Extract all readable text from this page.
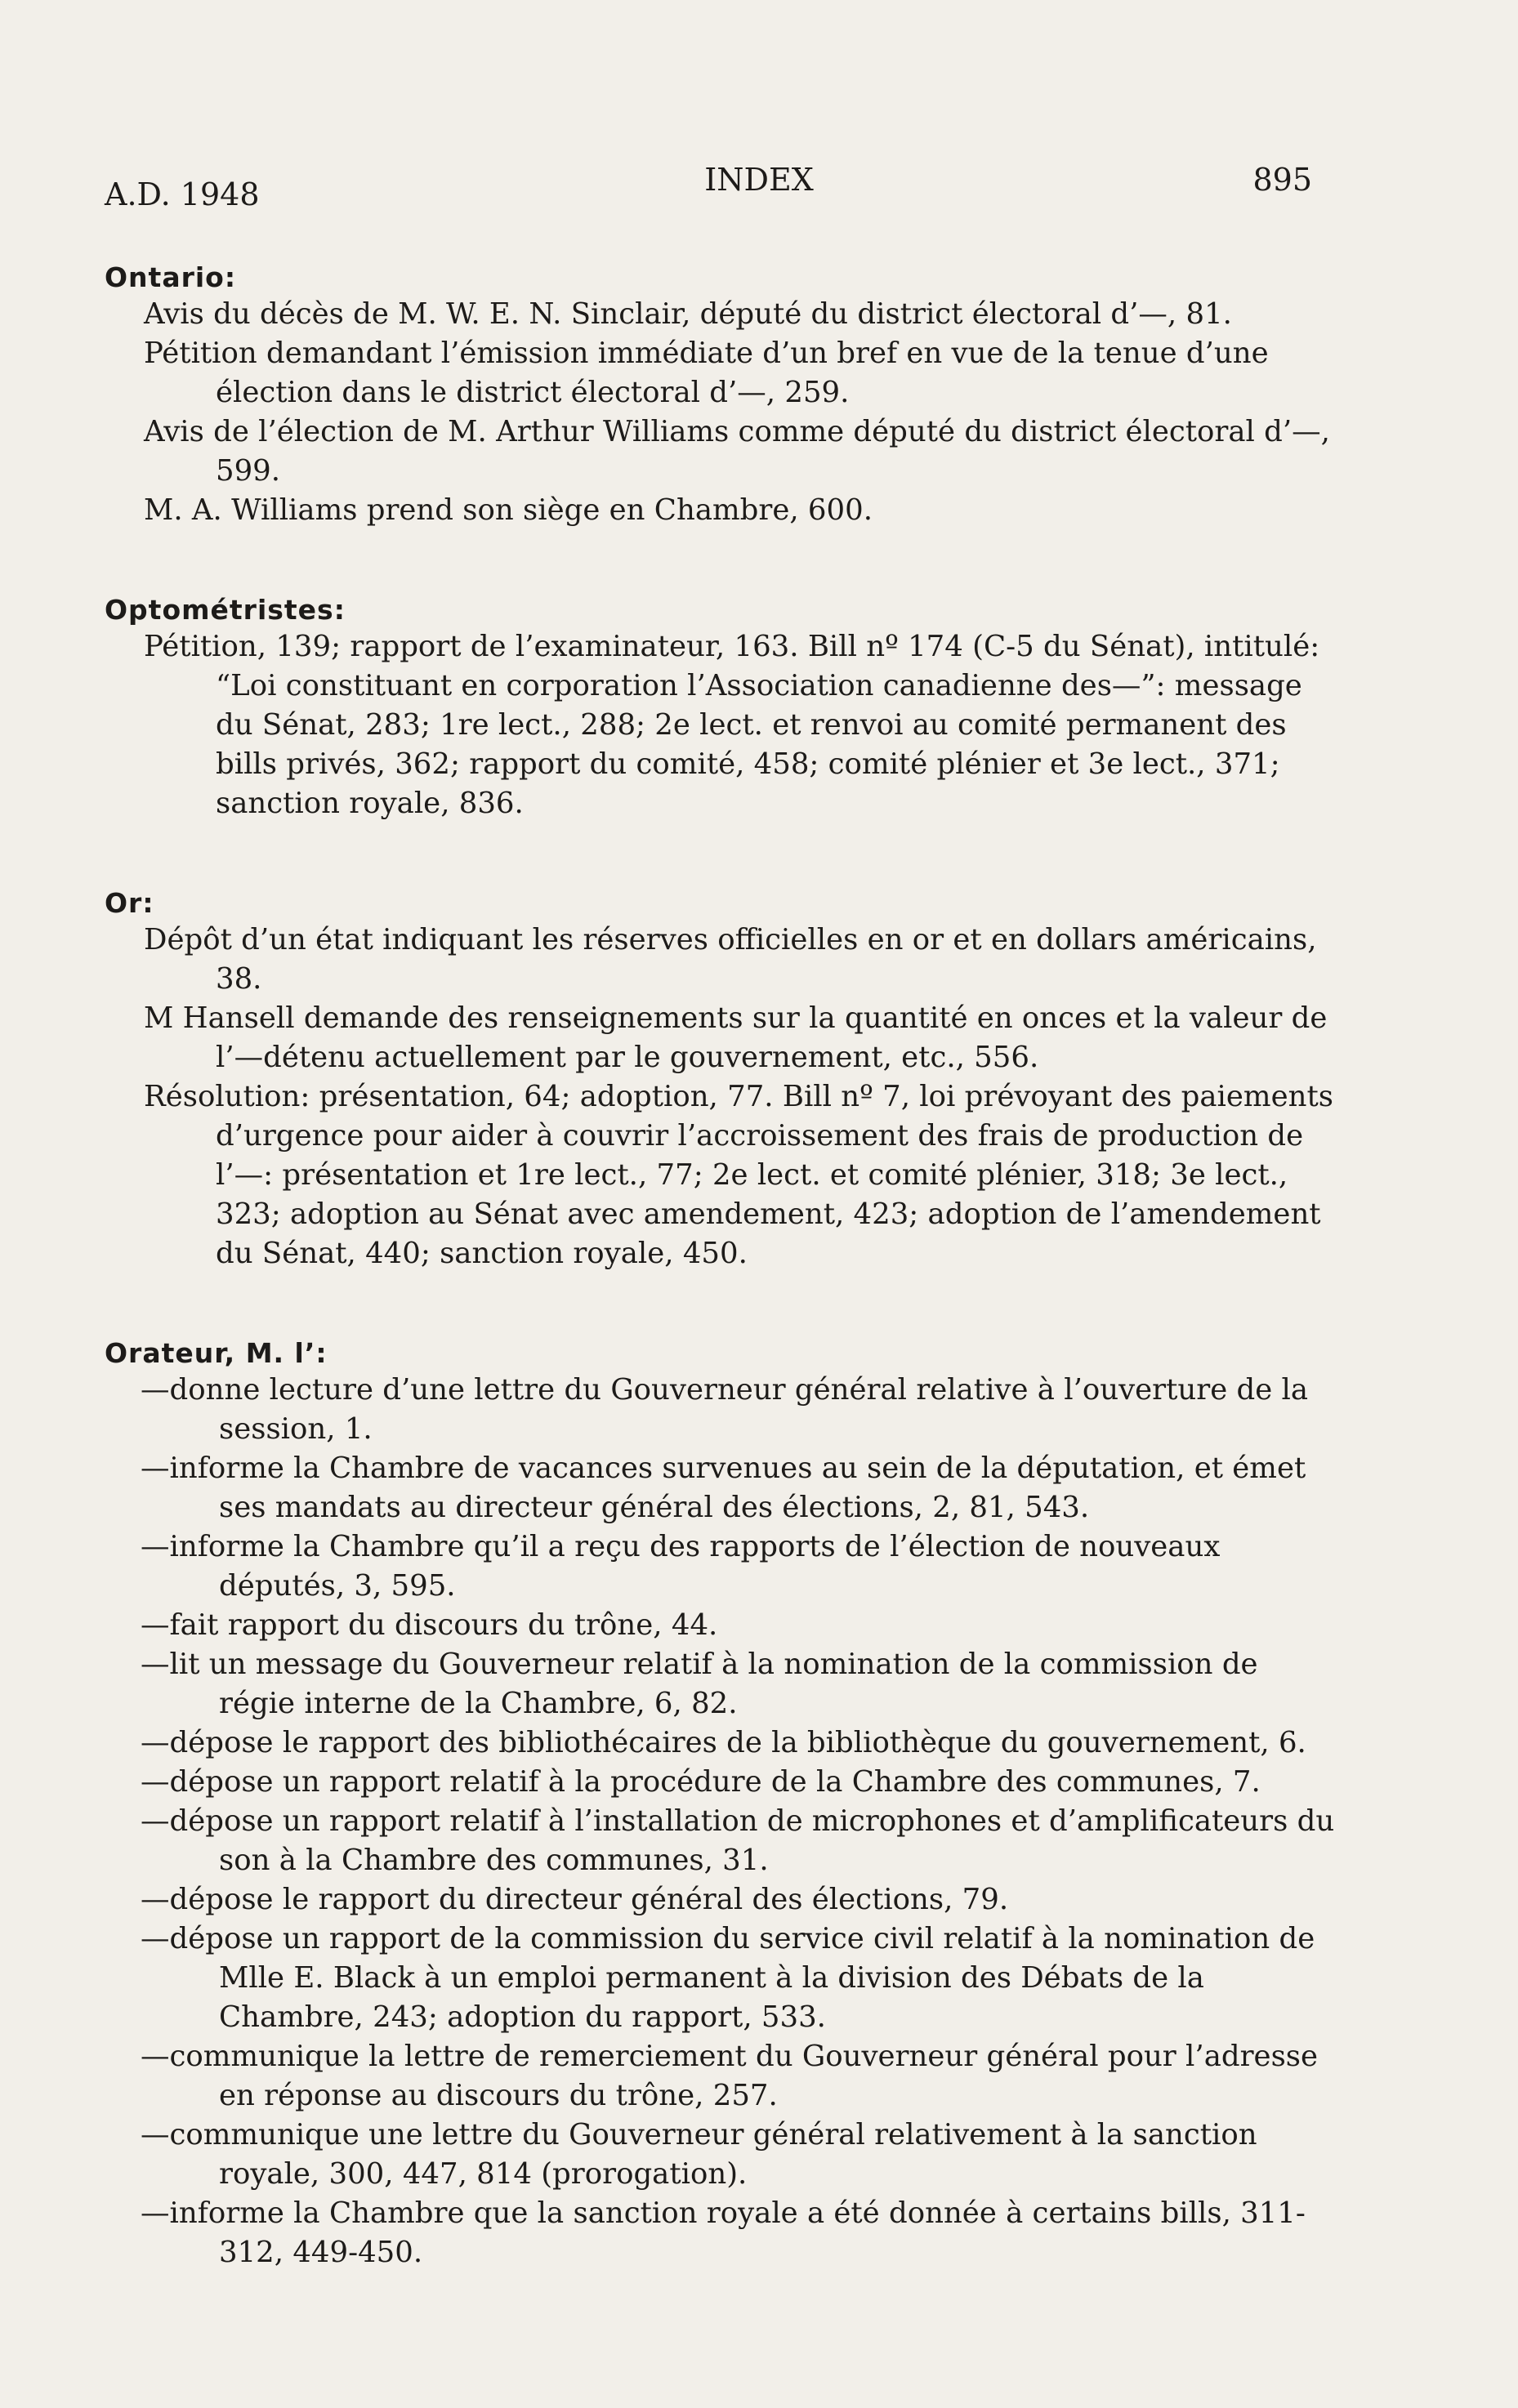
A.D. 1948	INDEX	895

Ontario:

Avis du décès de M. W. E. N. Sinclair, député du district électoral d’—, 81.

Pétition demandant l’émission immédiate d’un bref en vue de la tenue d’une élection dans le district électoral d’—, 259.

Avis de l’élection de M. Arthur Williams comme député du district électoral d’—, 599.

M. A. Williams prend son siège en Chambre, 600.

Optométristes:

Pétition, 139; rapport de l’examinateur, 163. Bill nº 174 (C-5 du Sénat), intitulé: “Loi constituant en corporation l’Association canadienne des—”: message du Sénat, 283; 1re lect., 288; 2e lect. et renvoi au comité permanent des bills privés, 362; rapport du comité, 458; comité plénier et 3e lect., 371; sanction royale, 836.

Or:

Dépôt d’un état indiquant les réserves officielles en or et en dollars américains, 38.

M Hansell demande des renseignements sur la quantité en onces et la valeur de l’—détenu actuellement par le gouvernement, etc., 556.

Résolution: présentation, 64; adoption, 77. Bill nº 7, loi prévoyant des paiements d’urgence pour aider à couvrir l’accroissement des frais de production de l’—: présentation et 1re lect., 77; 2e lect. et comité plénier, 318; 3e lect., 323; adoption au Sénat avec amendement, 423; adoption de l’amendement du Sénat, 440; sanction royale, 450.

Orateur, M. l’:

—donne lecture d’une lettre du Gouverneur général relative à l’ouverture de la session, 1.

—informe la Chambre de vacances survenues au sein de la députation, et émet ses mandats au directeur général des élections, 2, 81, 543.

—informe la Chambre qu’il a reçu des rapports de l’élection de nouveaux députés, 3, 595.

—fait rapport du discours du trône, 44.

—lit un message du Gouverneur relatif à la nomination de la commission de régie interne de la Chambre, 6, 82.

—dépose le rapport des bibliothécaires de la bibliothèque du gouvernement, 6.

—dépose un rapport relatif à la procédure de la Chambre des communes, 7.

—dépose un rapport relatif à l’installation de microphones et d’amplificateurs du son à la Chambre des communes, 31.

—dépose le rapport du directeur général des élections, 79.

—dépose un rapport de la commission du service civil relatif à la nomination de Mlle E. Black à un emploi permanent à la division des Débats de la Chambre, 243; adoption du rapport, 533.

—communique la lettre de remerciement du Gouverneur général pour l’adresse en réponse au discours du trône, 257.

—communique une lettre du Gouverneur général relativement à la sanction royale, 300, 447, 814 (prorogation).

—informe la Chambre que la sanction royale a été donnée à certains bills, 311-312, 449-450.
